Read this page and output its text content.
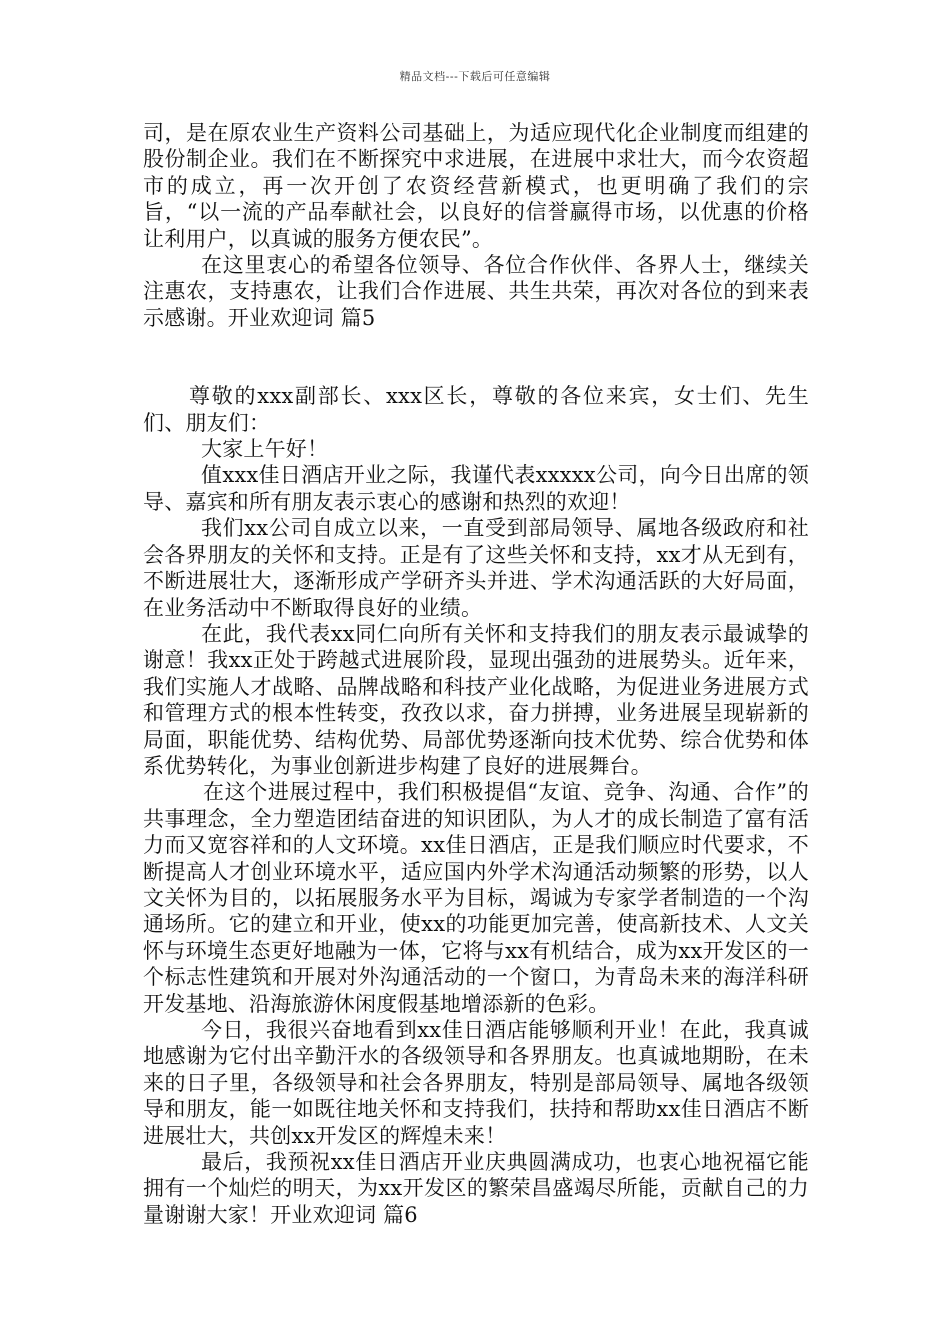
精品文档---下载后可任意编辑

司，是在原农业生产资料公司基础上，为适应现代化企业制度而组建的股份制企业。我们在不断探究中求进展，在进展中求壮大，而今农资超市的成立，再一次开创了农资经营新模式，也更明确了我们的宗旨，“以一流的产品奉献社会，以良好的信誉赢得市场，以优惠的价格让利用户，以真诚的服务方便农民”。

在这里衷心的希望各位领导、各位合作伙伴、各界人士，继续关注惠农，支持惠农，让我们合作进展、共生共荣，再次对各位的到来表示感谢。开业欢迎词 篇5

尊敬的xxx副部长、xxx区长，尊敬的各位来宾，女士们、先生们、朋友们：

大家上午好！

值xxx佳日酒店开业之际，我谨代表xxxxx公司，向今日出席的领导、嘉宾和所有朋友表示衷心的感谢和热烈的欢迎！

我们xx公司自成立以来，一直受到部局领导、属地各级政府和社会各界朋友的关怀和支持。正是有了这些关怀和支持，xx才从无到有，不断进展壮大，逐渐形成产学研齐头并进、学术沟通活跃的大好局面，在业务活动中不断取得良好的业绩。

在此，我代表xx同仁向所有关怀和支持我们的朋友表示最诚挚的谢意！我xx正处于跨越式进展阶段，显现出强劲的进展势头。近年来，我们实施人才战略、品牌战略和科技产业化战略，为促进业务进展方式和管理方式的根本性转变，孜孜以求，奋力拼搏，业务进展呈现崭新的局面，职能优势、结构优势、局部优势逐渐向技术优势、综合优势和体系优势转化，为事业创新进步构建了良好的进展舞台。

在这个进展过程中，我们积极提倡“友谊、竞争、沟通、合作”的共事理念，全力塑造团结奋进的知识团队，为人才的成长制造了富有活力而又宽容祥和的人文环境。xx佳日酒店，正是我们顺应时代要求，不断提高人才创业环境水平，适应国内外学术沟通活动频繁的形势，以人文关怀为目的，以拓展服务水平为目标，竭诚为专家学者制造的一个沟通场所。它的建立和开业，使xx的功能更加完善，使高新技术、人文关怀与环境生态更好地融为一体，它将与xx有机结合，成为xx开发区的一个标志性建筑和开展对外沟通活动的一个窗口，为青岛未来的海洋科研开发基地、沿海旅游休闲度假基地增添新的色彩。

今日，我很兴奋地看到xx佳日酒店能够顺利开业！在此，我真诚地感谢为它付出辛勤汗水的各级领导和各界朋友。也真诚地期盼，在未来的日子里，各级领导和社会各界朋友，特别是部局领导、属地各级领导和朋友，能一如既往地关怀和支持我们，扶持和帮助xx佳日酒店不断进展壮大，共创xx开发区的辉煌未来！

最后，我预祝xx佳日酒店开业庆典圆满成功，也衷心地祝福它能拥有一个灿烂的明天，为xx开发区的繁荣昌盛竭尽所能，贡献自己的力量谢谢大家！开业欢迎词 篇6
